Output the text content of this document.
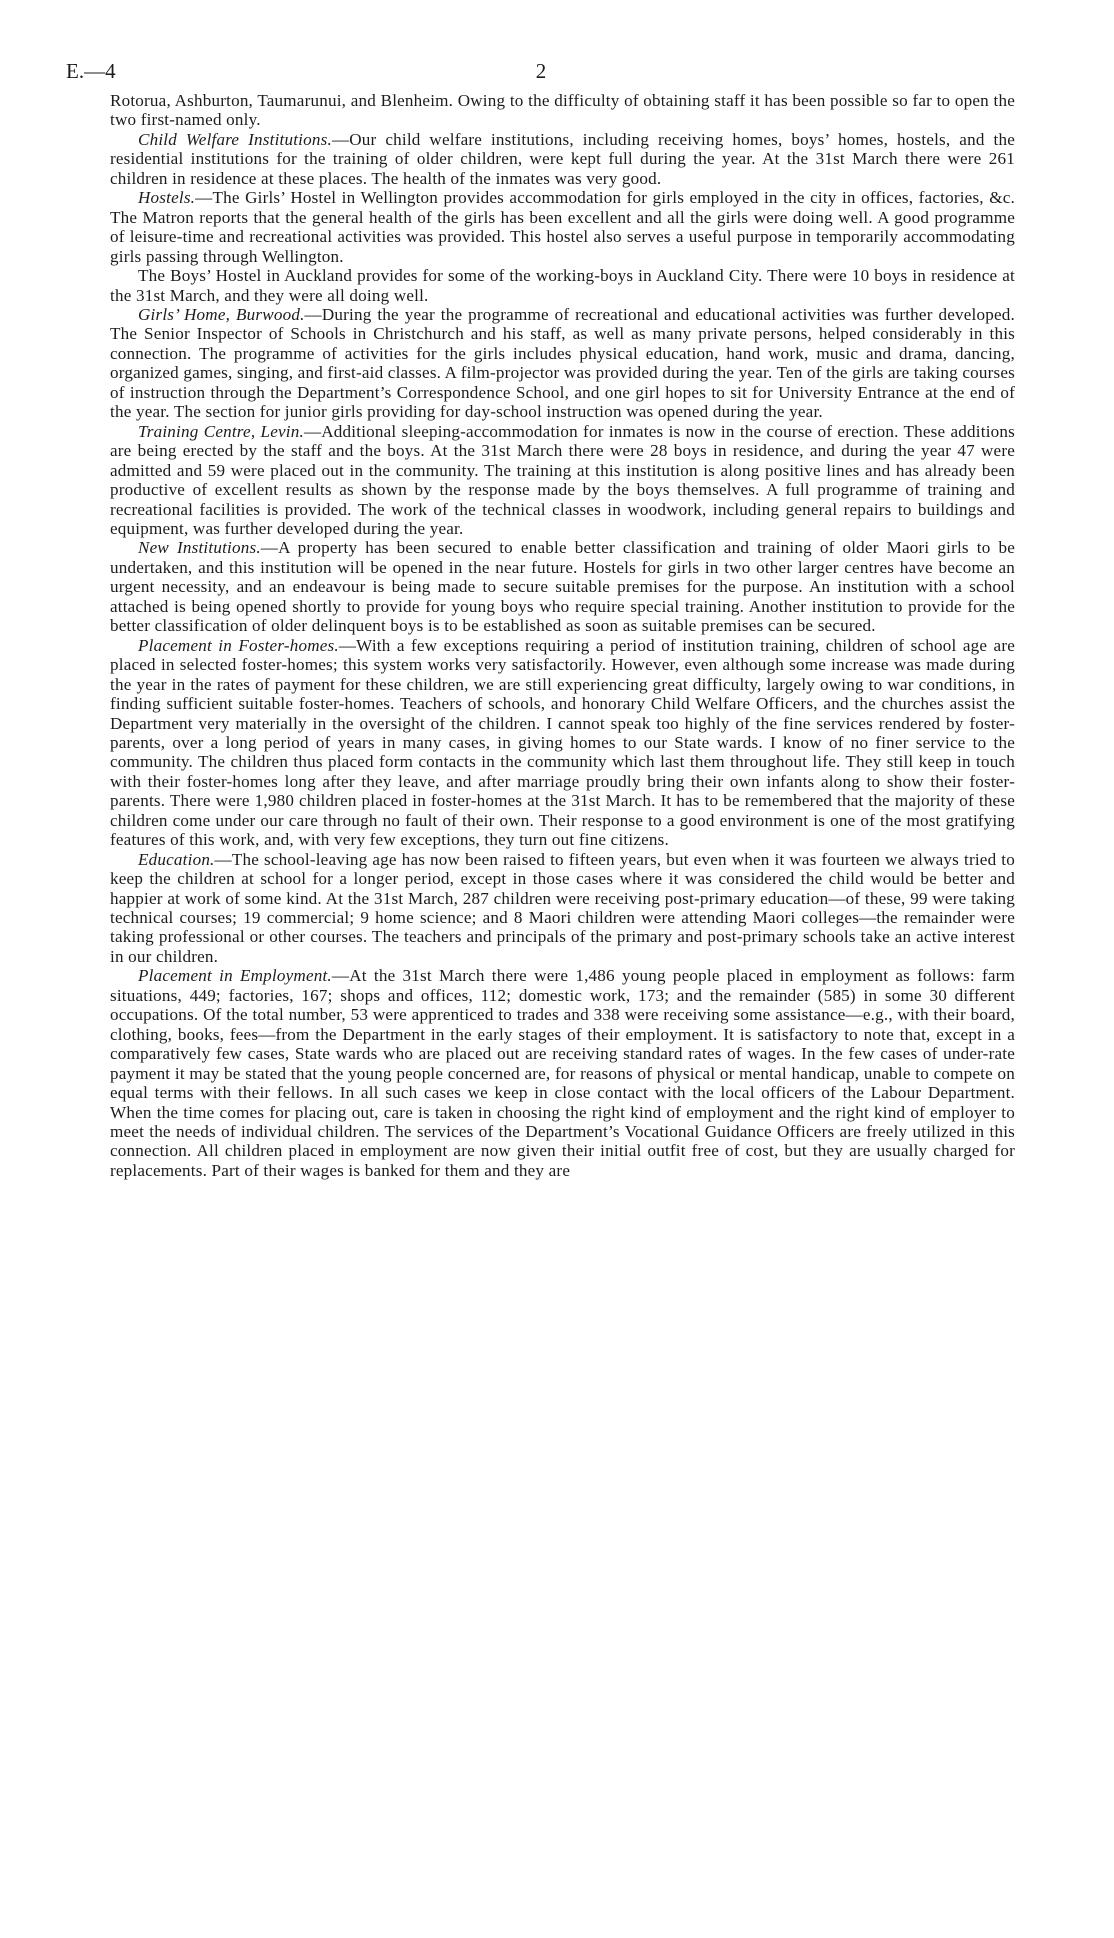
E.—4	2

Rotorua, Ashburton, Taumarunui, and Blenheim. Owing to the difficulty of obtaining staff it has been possible so far to open the two first-named only.

Child Welfare Institutions.—Our child welfare institutions, including receiving homes, boys’ homes, hostels, and the residential institutions for the training of older children, were kept full during the year. At the 31st March there were 261 children in residence at these places. The health of the inmates was very good.

Hostels.—The Girls’ Hostel in Wellington provides accommodation for girls employed in the city in offices, factories, &c. The Matron reports that the general health of the girls has been excellent and all the girls were doing well. A good programme of leisure-time and recreational activities was provided. This hostel also serves a useful purpose in temporarily accommodating girls passing through Wellington.

The Boys’ Hostel in Auckland provides for some of the working-boys in Auckland City. There were 10 boys in residence at the 31st March, and they were all doing well.

Girls’ Home, Burwood.—During the year the programme of recreational and educational activities was further developed. The Senior Inspector of Schools in Christchurch and his staff, as well as many private persons, helped considerably in this connection. The programme of activities for the girls includes physical education, hand work, music and drama, dancing, organized games, singing, and first-aid classes. A film-projector was provided during the year. Ten of the girls are taking courses of instruction through the Department’s Correspondence School, and one girl hopes to sit for University Entrance at the end of the year. The section for junior girls providing for day-school instruction was opened during the year.

Training Centre, Levin.—Additional sleeping-accommodation for inmates is now in the course of erection. These additions are being erected by the staff and the boys. At the 31st March there were 28 boys in residence, and during the year 47 were admitted and 59 were placed out in the community. The training at this institution is along positive lines and has already been productive of excellent results as shown by the response made by the boys themselves. A full programme of training and recreational facilities is provided. The work of the technical classes in woodwork, including general repairs to buildings and equipment, was further developed during the year.

New Institutions.—A property has been secured to enable better classification and training of older Maori girls to be undertaken, and this institution will be opened in the near future. Hostels for girls in two other larger centres have become an urgent necessity, and an endeavour is being made to secure suitable premises for the purpose. An institution with a school attached is being opened shortly to provide for young boys who require special training. Another institution to provide for the better classification of older delinquent boys is to be established as soon as suitable premises can be secured.

Placement in Foster-homes.—With a few exceptions requiring a period of institution training, children of school age are placed in selected foster-homes; this system works very satisfactorily. However, even although some increase was made during the year in the rates of payment for these children, we are still experiencing great difficulty, largely owing to war conditions, in finding sufficient suitable foster-homes. Teachers of schools, and honorary Child Welfare Officers, and the churches assist the Department very materially in the oversight of the children. I cannot speak too highly of the fine services rendered by foster-parents, over a long period of years in many cases, in giving homes to our State wards. I know of no finer service to the community. The children thus placed form contacts in the community which last them throughout life. They still keep in touch with their foster-homes long after they leave, and after marriage proudly bring their own infants along to show their foster-parents. There were 1,980 children placed in foster-homes at the 31st March. It has to be remembered that the majority of these children come under our care through no fault of their own. Their response to a good environment is one of the most gratifying features of this work, and, with very few exceptions, they turn out fine citizens.

Education.—The school-leaving age has now been raised to fifteen years, but even when it was fourteen we always tried to keep the children at school for a longer period, except in those cases where it was considered the child would be better and happier at work of some kind. At the 31st March, 287 children were receiving post-primary education—of these, 99 were taking technical courses; 19 commercial; 9 home science; and 8 Maori children were attending Maori colleges—the remainder were taking professional or other courses. The teachers and principals of the primary and post-primary schools take an active interest in our children.

Placement in Employment.—At the 31st March there were 1,486 young people placed in employment as follows: farm situations, 449; factories, 167; shops and offices, 112; domestic work, 173; and the remainder (585) in some 30 different occupations. Of the total number, 53 were apprenticed to trades and 338 were receiving some assistance—e.g., with their board, clothing, books, fees—from the Department in the early stages of their employment. It is satisfactory to note that, except in a comparatively few cases, State wards who are placed out are receiving standard rates of wages. In the few cases of under-rate payment it may be stated that the young people concerned are, for reasons of physical or mental handicap, unable to compete on equal terms with their fellows. In all such cases we keep in close contact with the local officers of the Labour Department. When the time comes for placing out, care is taken in choosing the right kind of employment and the right kind of employer to meet the needs of individual children. The services of the Department’s Vocational Guidance Officers are freely utilized in this connection. All children placed in employment are now given their initial outfit free of cost, but they are usually charged for replacements. Part of their wages is banked for them and they are
